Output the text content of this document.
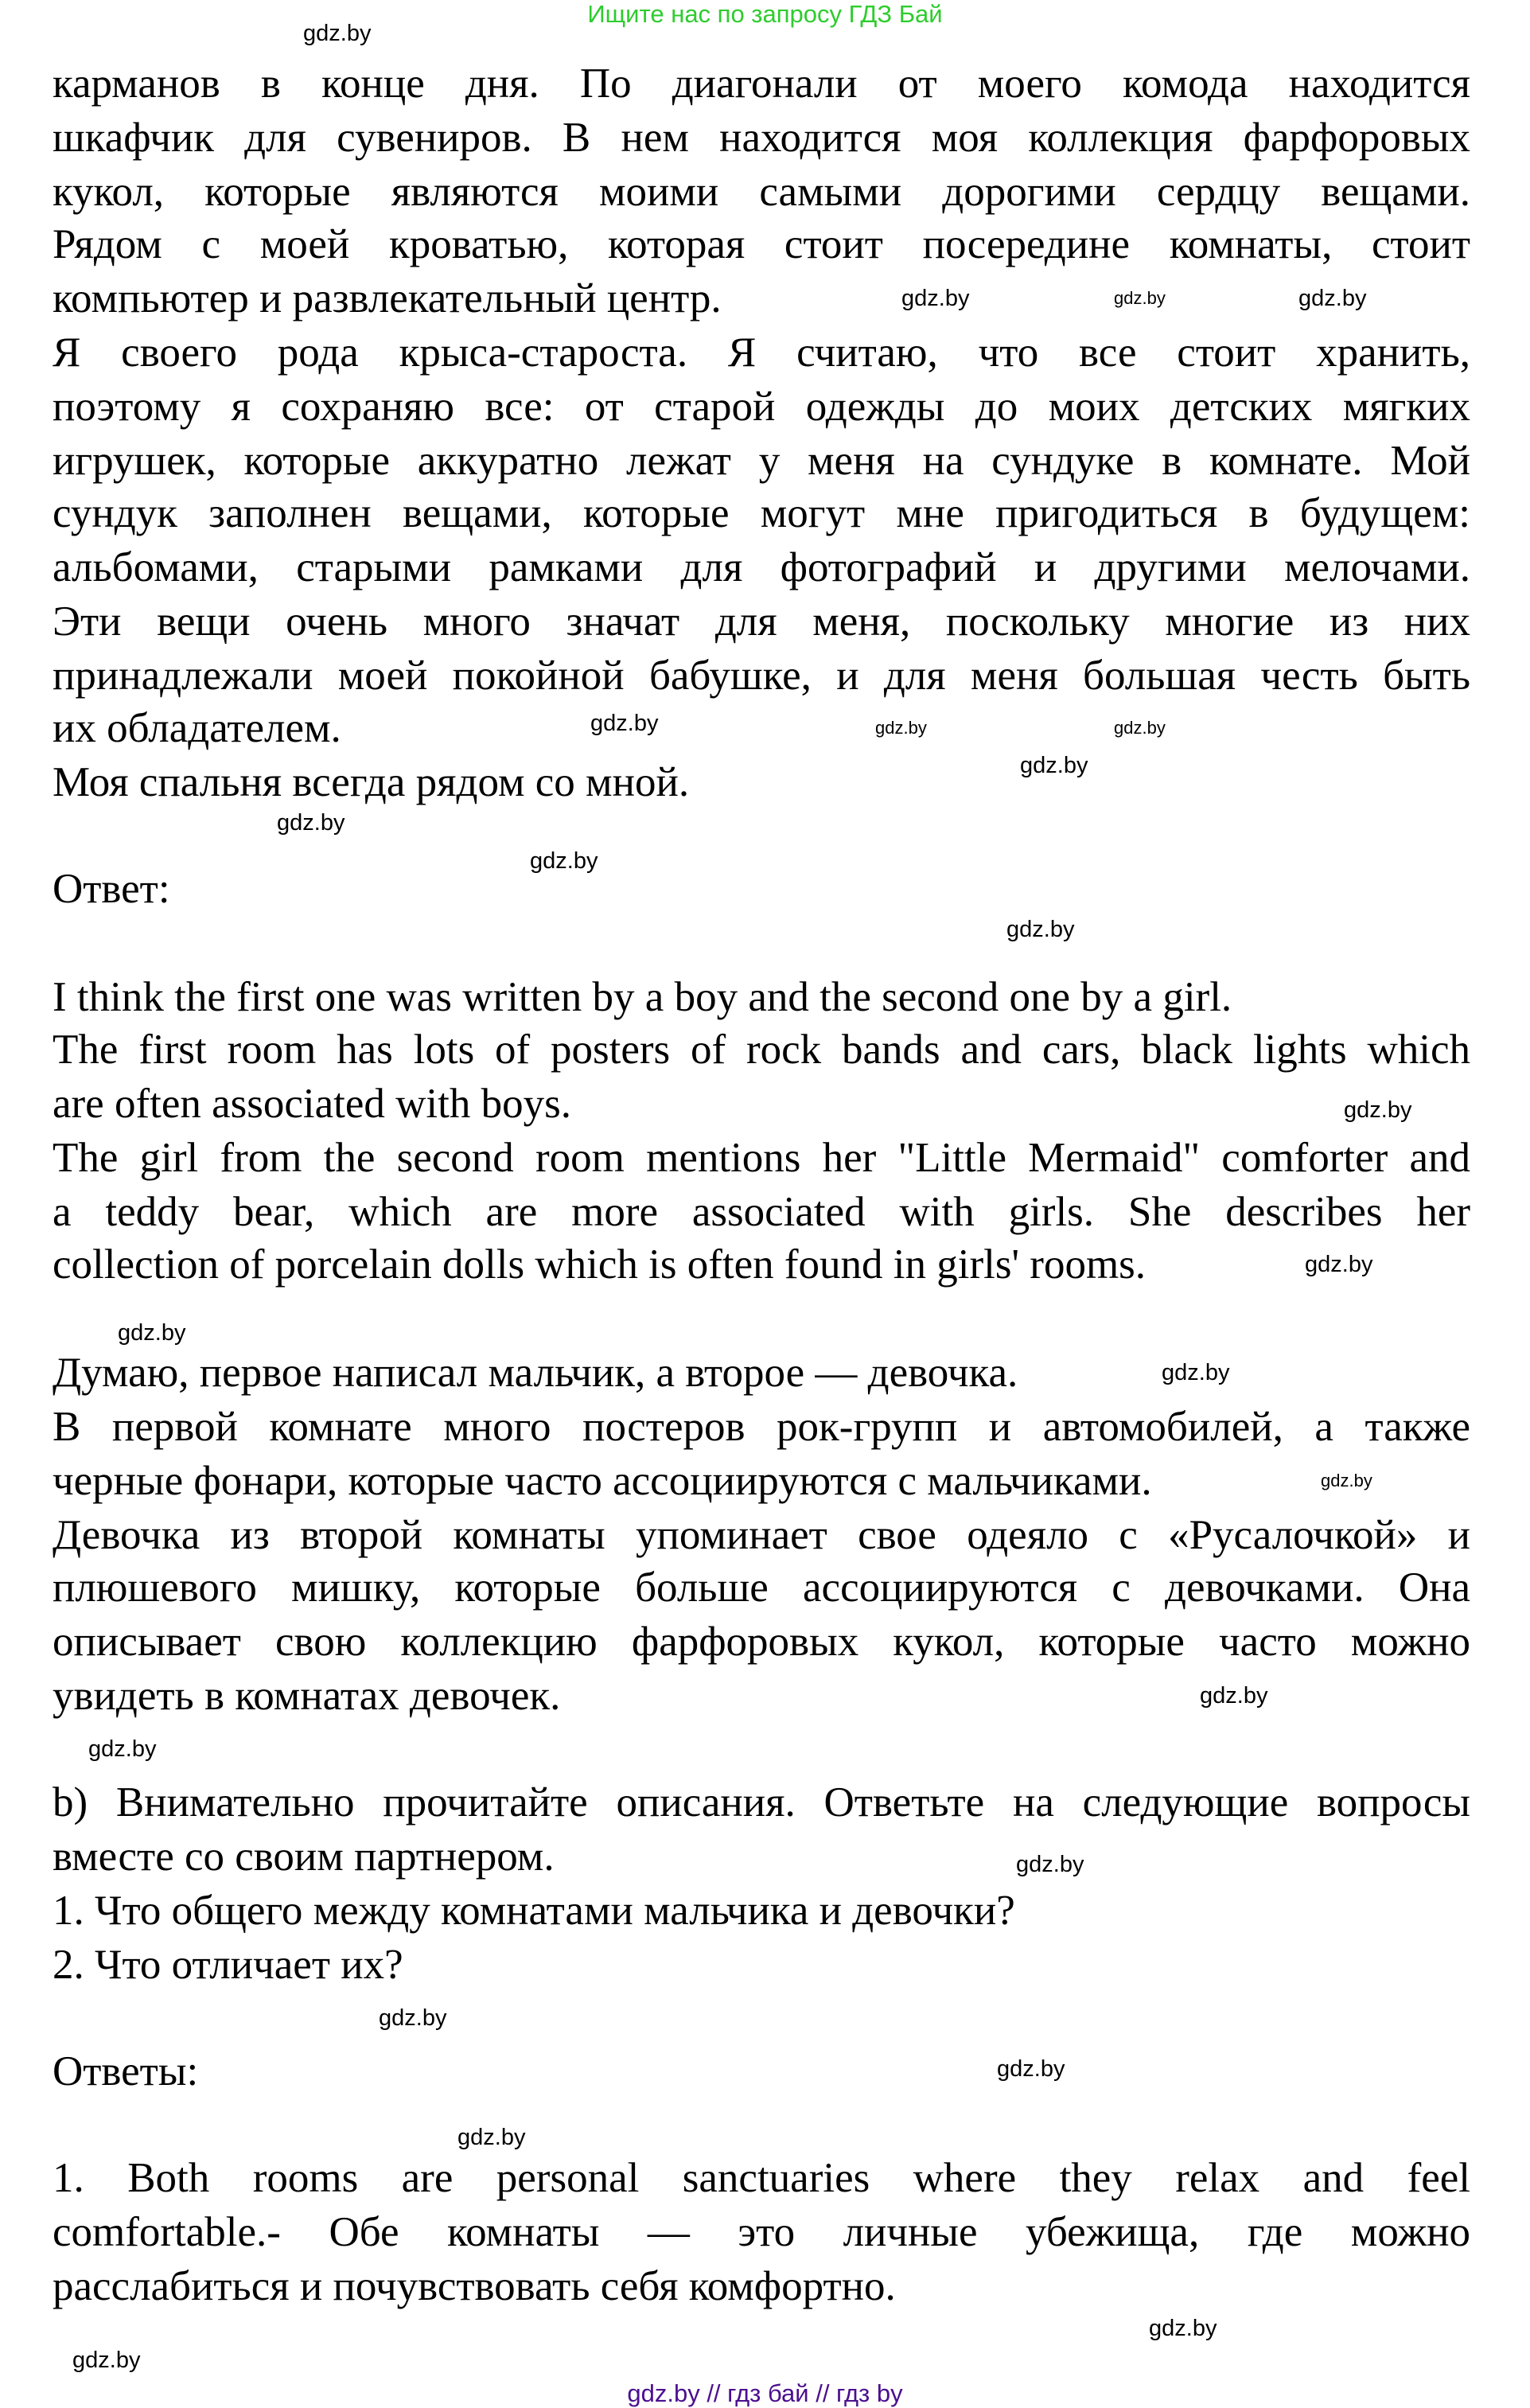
Ищите нас по запросу ГДЗ Бай
карманов в конце дня. По диагонали от моего комода находится
шкафчик для сувениров. В нем находится моя коллекция фарфоровых
кукол, которые являются моими самыми дорогими сердцу вещами.
Рядом с моей кроватью, которая стоит посередине комнаты, стоит
компьютер и развлекательный центр.
Я своего рода крыса-староста. Я считаю, что все стоит хранить,
поэтому я сохраняю все: от старой одежды до моих детских мягких
игрушек, которые аккуратно лежат у меня на сундуке в комнате. Мой
сундук заполнен вещами, которые могут мне пригодиться в будущем:
альбомами, старыми рамками для фотографий и другими мелочами.
Эти вещи очень много значат для меня, поскольку многие из них
принадлежали моей покойной бабушке, и для меня большая честь быть
их обладателем.
Моя спальня всегда рядом со мной.
Ответ:
I think the first one was written by a boy and the second one by a girl.
The first room has lots of posters of rock bands and cars, black lights which
are often associated with boys.
The girl from the second room mentions her "Little Mermaid" comforter and
a teddy bear, which are more associated with girls. She describes her
collection of porcelain dolls which is often found in girls' rooms.
Думаю, первое написал мальчик, а второе — девочка.
В первой комнате много постеров рок-групп и автомобилей, а также
черные фонари, которые часто ассоциируются с мальчиками.
Девочка из второй комнаты упоминает свое одеяло с «Русалочкой» и
плюшевого мишку, которые больше ассоциируются с девочками. Она
описывает свою коллекцию фарфоровых кукол, которые часто можно
увидеть в комнатах девочек.
b) Внимательно прочитайте описания. Ответьте на следующие вопросы
вместе со своим партнером.
1. Что общего между комнатами мальчика и девочки?
2. Что отличает их?
Ответы:
1. Both rooms are personal sanctuaries where they relax and feel
comfortable.- Обе комнаты — это личные убежища, где можно
расслабиться и почувствовать себя комфортно.
gdz.by
gdz.by
gdz.by	gdz.by
gdz.by	gdz.by
gdz.by
gdz.by
gdz.by
gdz.by
gdz.by
gdz.by
gdz.by
gdz.by
gdz.by
gdz.by
gdz.by
gdz.by
gdz.by
gdz.by
gdz.by
gdz.by
gdz.by
gdz.by
gdz.by // гдз бай // гдз by
